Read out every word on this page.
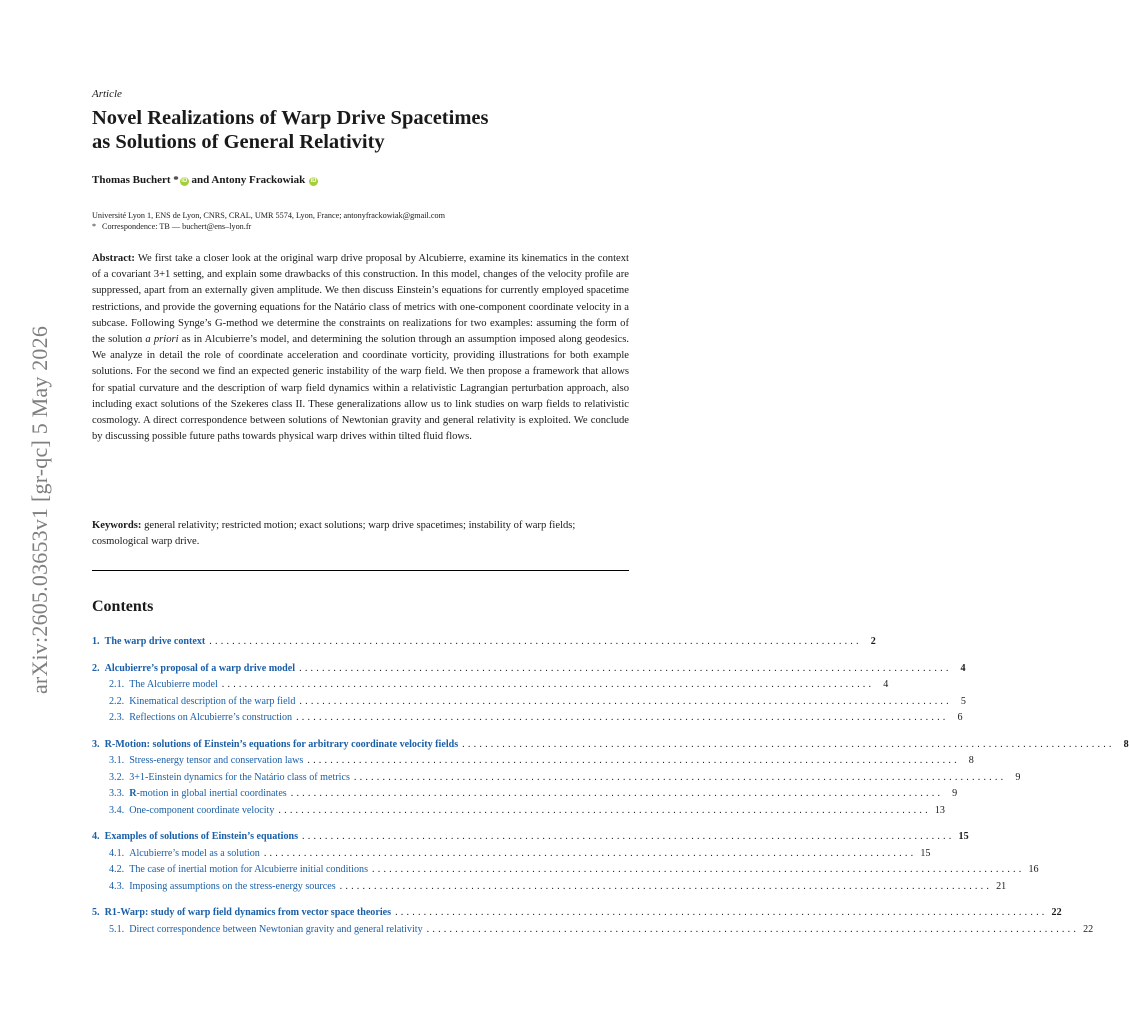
arXiv:2605.03653v1 [gr-qc] 5 May 2026
Article
Novel Realizations of Warp Drive Spacetimes
as Solutions of General Relativity
Thomas Buchert * iD and Antony Frackowiak iD
Université Lyon 1, ENS de Lyon, CNRS, CRAL, UMR 5574, Lyon, France; antonyfrackowiak@gmail.com
* Correspondence: TB — buchert@ens–lyon.fr

Abstract: We first take a closer look at the original warp drive proposal by Alcubierre, examine its kinematics in the context of a covariant 3+1 setting, and explain some drawbacks of this construction. In this model, changes of the velocity profile are suppressed, apart from an externally given amplitude. We then discuss Einstein’s equations for currently employed spacetime restrictions, and provide the governing equations for the Natário class of metrics with one-component coordinate velocity in a subcase. Following Synge’s G-method we determine the constraints on realizations for two examples: assuming the form of the solution a priori as in Alcubierre’s model, and determining the solution through an assumption imposed along geodesics. We analyze in detail the role of coordinate acceleration and coordinate vorticity, providing illustrations for both example solutions. For the second we find an expected generic instability of the warp field. We then propose a framework that allows for spatial curvature and the description of warp field dynamics within a relativistic Lagrangian perturbation approach, also including exact solutions of the Szekeres class II. These generalizations allow us to link studies on warp fields to relativistic cosmology. A direct correspondence between solutions of Newtonian gravity and general relativity is exploited. We conclude by discussing possible future paths towards physical warp drives within tilted fluid flows.

Keywords: general relativity; restricted motion; exact solutions; warp drive spacetimes; instability of warp fields; cosmological warp drive.

Contents
1.
The warp drive context .................................................................................................................. 2
2.
Alcubierre’s proposal of a warp drive model .................................................................................................................. 4
2.1.
The Alcubierre model .................................................................................................................. 4
2.2.
Kinematical description of the warp field .................................................................................................................. 5
2.3.
Reflections on Alcubierre’s construction .................................................................................................................. 6
3.
R-Motion: solutions of Einstein’s equations for arbitrary coordinate velocity fields .................................................................................................................. 8
3.1.
Stress-energy tensor and conservation laws .................................................................................................................. 8
3.2.
3+1-Einstein dynamics for the Natário class of metrics .................................................................................................................. 9
3.3.
R-motion in global inertial coordinates .................................................................................................................. 9
3.4.
One-component coordinate velocity .................................................................................................................. 13
4.
Examples of solutions of Einstein’s equations .................................................................................................................. 15
4.1.
Alcubierre’s model as a solution .................................................................................................................. 15
4.2.
The case of inertial motion for Alcubierre initial conditions .................................................................................................................. 16
4.3.
Imposing assumptions on the stress-energy sources .................................................................................................................. 21
5.
R1-Warp: study of warp field dynamics from vector space theories .................................................................................................................. 22
5.1.
Direct correspondence between Newtonian gravity and general relativity .................................................................................................................. 22
